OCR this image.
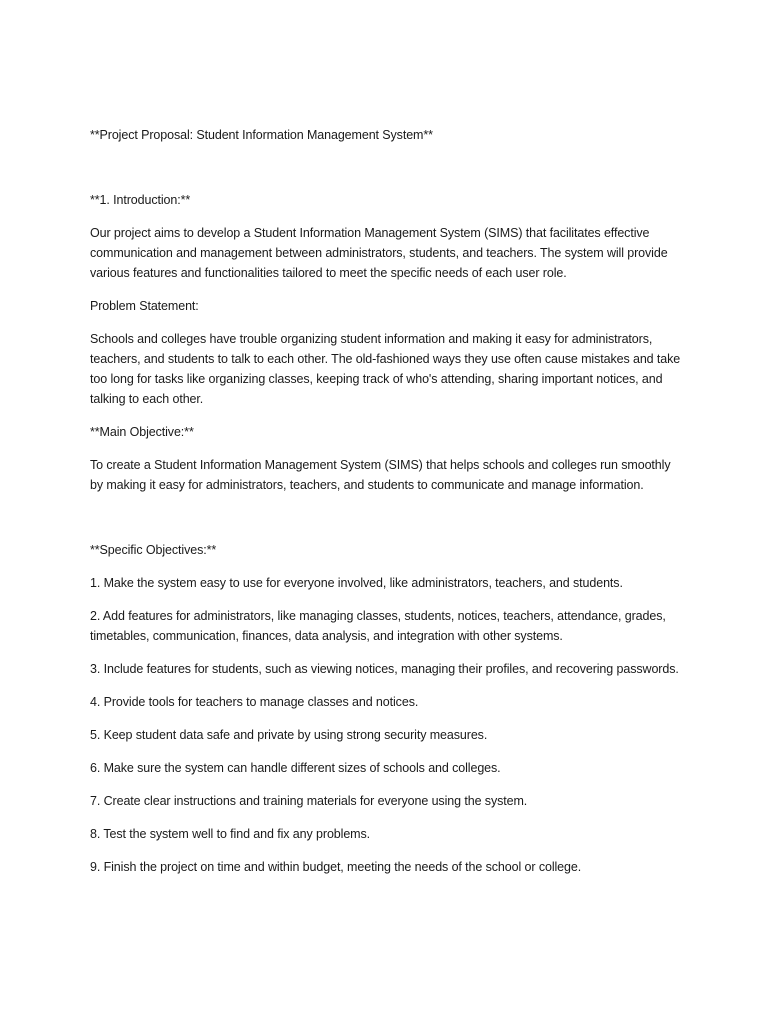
**Project Proposal: Student Information Management System**

**1. Introduction:**

Our project aims to develop a Student Information Management System (SIMS) that facilitates effective communication and management between administrators, students, and teachers. The system will provide various features and functionalities tailored to meet the specific needs of each user role.

Problem Statement:

Schools and colleges have trouble organizing student information and making it easy for administrators, teachers, and students to talk to each other. The old-fashioned ways they use often cause mistakes and take too long for tasks like organizing classes, keeping track of who's attending, sharing important notices, and talking to each other.

**Main Objective:**

To create a Student Information Management System (SIMS) that helps schools and colleges run smoothly by making it easy for administrators, teachers, and students to communicate and manage information.

**Specific Objectives:**

1. Make the system easy to use for everyone involved, like administrators, teachers, and students.

2. Add features for administrators, like managing classes, students, notices, teachers, attendance, grades, timetables, communication, finances, data analysis, and integration with other systems.

3. Include features for students, such as viewing notices, managing their profiles, and recovering passwords.

4. Provide tools for teachers to manage classes and notices.

5. Keep student data safe and private by using strong security measures.

6. Make sure the system can handle different sizes of schools and colleges.

7. Create clear instructions and training materials for everyone using the system.

8. Test the system well to find and fix any problems.

9. Finish the project on time and within budget, meeting the needs of the school or college.
